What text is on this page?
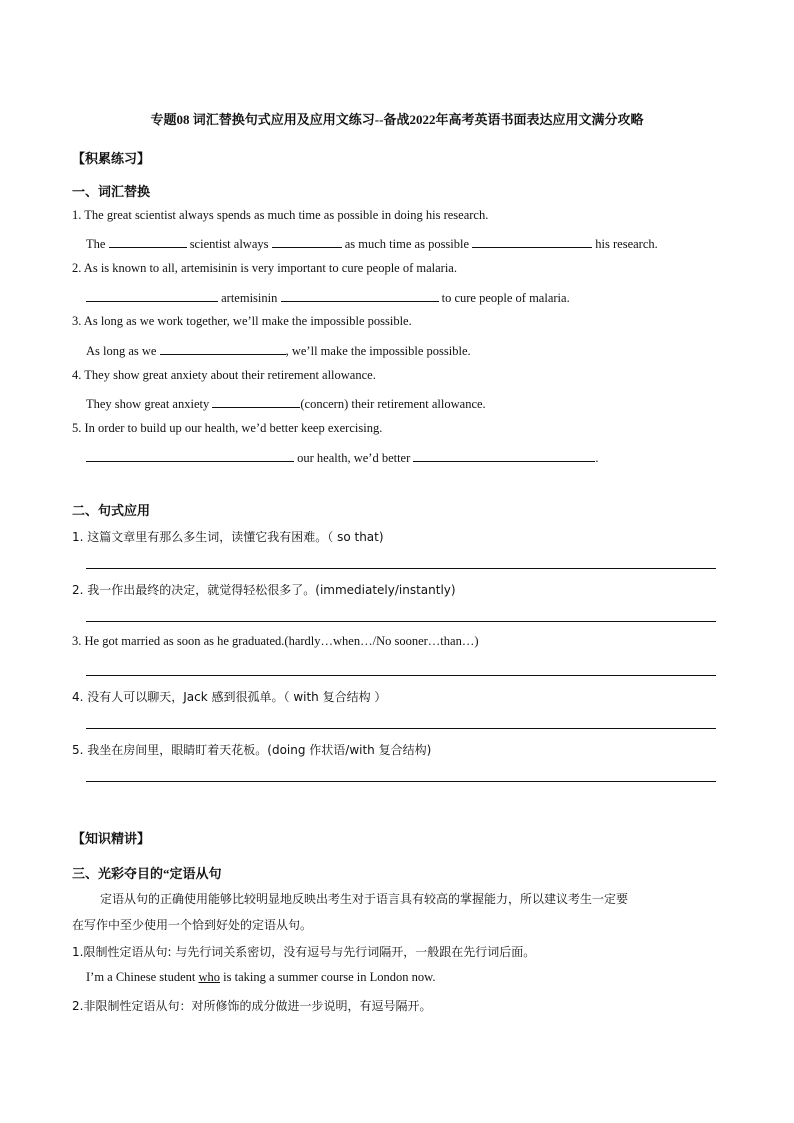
专题08 词汇替换句式应用及应用文练习--备战2022年高考英语书面表达应用文满分攻略
【积累练习】
一、词汇替换
1. The great scientist always spends as much time as possible in doing his research.
The	scientist always	as much time as possible	his research.
2. As is known to all, artemisinin is very important to cure people of malaria.
artemisinin	to cure people of malaria.
3. As long as we work together, we’ll make the impossible possible.
As long as we	, we’ll make the impossible possible.
4. They show great anxiety about their retirement allowance.
They show great anxiety	(concern) their retirement allowance.
5. In order to build up our health, we’d better keep exercising.
our health, we’d better	.
二、句式应用
1. 这篇文章里有那么多生词，读懂它我有困难。（ so that)
2. 我一作出最终的决定，就觉得轻松很多了。(immediately/instantly)
3. He got married as soon as he graduated.(hardly…when…/No sooner…than…)
4. 没有人可以聊天，Jack 感到很孤单。（ with 复合结构 ）
5. 我坐在房间里，眼睛盯着天花板。(doing 作状语/with 复合结构)
【知识精讲】
三、光彩夺目的“定语从句
定语从句的正确使用能够比较明显地反映出考生对于语言具有较高的掌握能力，所以建议考生一定要
在写作中至少使用一个恰到好处的定语从句。
1.限制性定语从句: 与先行词关系密切，没有逗号与先行词隔开，一般跟在先行词后面。
I’m a Chinese student who is taking a summer course in London now.
2.非限制性定语从句：对所修饰的成分做进一步说明，有逗号隔开。
